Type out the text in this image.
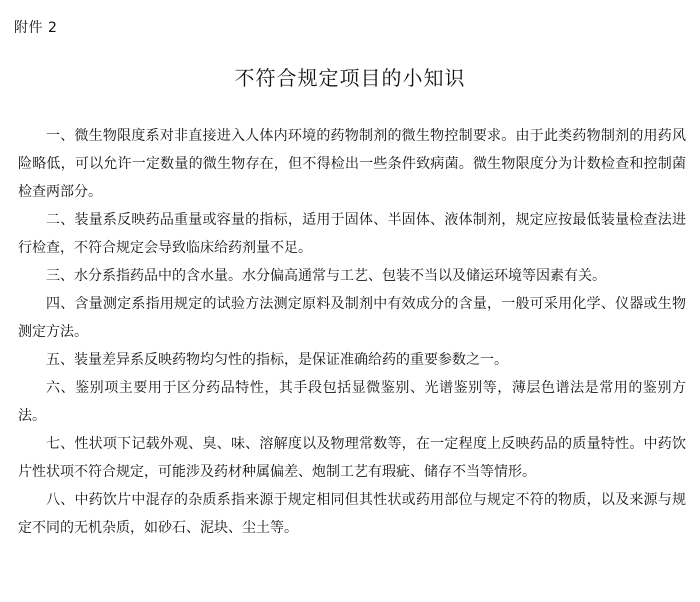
附件 2
不符合规定项目的小知识

一、微生物限度系对非直接进入人体内环境的药物制剂的微生物控制要求。由于此类药物制剂的用药风险略低，可以允许一定数量的微生物存在，但不得检出一些条件致病菌。微生物限度分为计数检查和控制菌检查两部分。

二、装量系反映药品重量或容量的指标，适用于固体、半固体、液体制剂，规定应按最低装量检查法进行检查，不符合规定会导致临床给药剂量不足。

三、水分系指药品中的含水量。水分偏高通常与工艺、包装不当以及储运环境等因素有关。

四、含量测定系指用规定的试验方法测定原料及制剂中有效成分的含量，一般可采用化学、仪器或生物测定方法。

五、装量差异系反映药物均匀性的指标，是保证准确给药的重要参数之一。

六、鉴别项主要用于区分药品特性，其手段包括显微鉴别、光谱鉴别等，薄层色谱法是常用的鉴别方法。

七、性状项下记载外观、臭、味、溶解度以及物理常数等，在一定程度上反映药品的质量特性。中药饮片性状项不符合规定，可能涉及药材种属偏差、炮制工艺有瑕疵、储存不当等情形。

八、中药饮片中混存的杂质系指来源于规定相同但其性状或药用部位与规定不符的物质，以及来源与规定不同的无机杂质，如砂石、泥块、尘土等。
